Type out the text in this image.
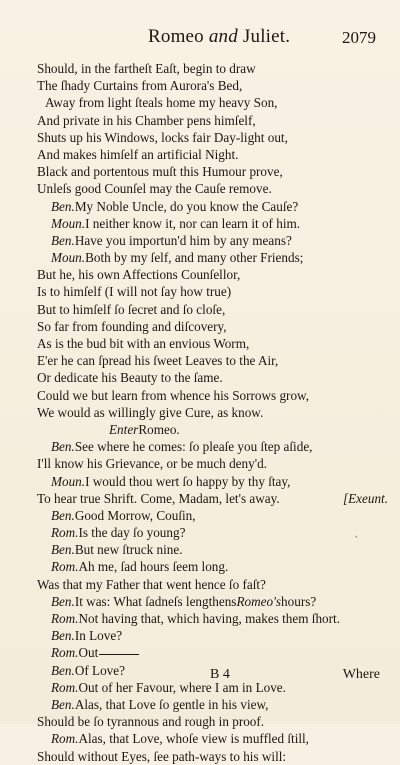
Romeo and Juliet.	2079
Should, in the fartheſt Eaſt, begin to draw
The ſhady Curtains from Aurora's Bed,
Away from light ſteals home my heavy Son,
And private in his Chamber pens himſelf,
Shuts up his Windows, locks fair Day-light out,
And makes himſelf an artificial Night.
Black and portentous muſt this Humour prove,
Unleſs good Counſel may the Cauſe remove.
Ben.My Noble Uncle, do you know the Cauſe?
Moun.I neither know it, nor can learn it of him.
Ben.Have you importun'd him by any means?
Moun.Both by my ſelf, and many other Friends;
But he, his own Affections Counſellor,
Is to himſelf (I will not ſay how true)
But to himſelf ſo ſecret and ſo cloſe,
So far from founding and diſcovery,
As is the bud bit with an envious Worm,
E'er he can ſpread his ſweet Leaves to the Air,
Or dedicate his Beauty to the ſame.
Could we but learn from whence his Sorrows grow,
We would as willingly give Cure, as know.
EnterRomeo.
Ben.See where he comes: ſo pleaſe you ſtep aſide,
I'll know his Grievance, or be much deny'd.
Moun.I would thou wert ſo happy by thy ſtay,
To hear true Shrift. Come, Madam, let's away.	[Exeunt.
Ben.Good Morrow, Couſin,
Rom.Is the day ſo young?	⸼
Ben.But new ſtruck nine.
Rom.Ah me, ſad hours ſeem long.
Was that my Father that went hence ſo faſt?
Ben.It was: What ſadneſs lengthensRomeo'shours?
Rom.Not having that, which having, makes them ſhort.
Ben.In Love?
Rom.Out
Ben.Of Love?
Rom.Out of her Favour, where I am in Love.
Ben.Alas, that Love ſo gentle in his view,
Should be ſo tyrannous and rough in proof.
Rom.Alas, that Love, whoſe view is muffled ſtill,
Should without Eyes, ſee path-ways to his will:
B 4	Where
